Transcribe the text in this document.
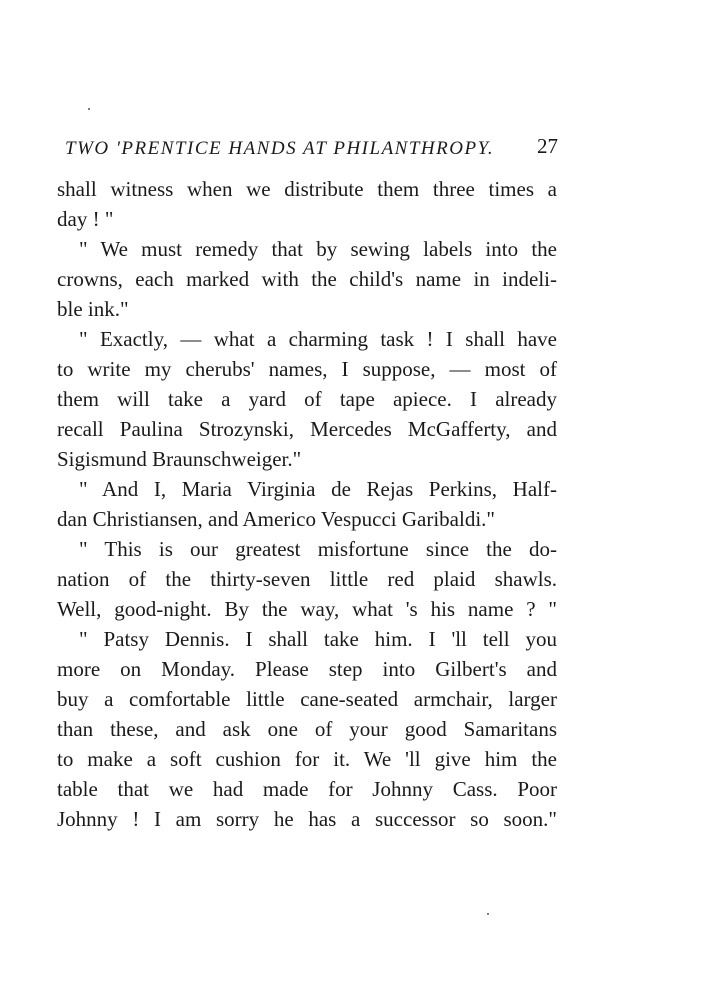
TWO 'PRENTICE HANDS AT PHILANTHROPY.	27
shall witness when we distribute them three times a
day ! "
" We must remedy that by sewing labels into the
crowns, each marked with the child's name in indeli-
ble ink."
" Exactly, — what a charming task ! I shall have
to write my cherubs' names, I suppose, — most of
them will take a yard of tape apiece. I already
recall Paulina Strozynski, Mercedes McGafferty, and
Sigismund Braunschweiger."
" And I, Maria Virginia de Rejas Perkins, Half-
dan Christiansen, and Americo Vespucci Garibaldi."
" This is our greatest misfortune since the do-
nation of the thirty-seven little red plaid shawls.
Well, good-night. By the way, what 's his name ? "
" Patsy Dennis. I shall take him. I 'll tell you
more on Monday. Please step into Gilbert's and
buy a comfortable little cane-seated armchair, larger
than these, and ask one of your good Samaritans
to make a soft cushion for it. We 'll give him the
table that we had made for Johnny Cass. Poor
Johnny ! I am sorry he has a successor so soon."
